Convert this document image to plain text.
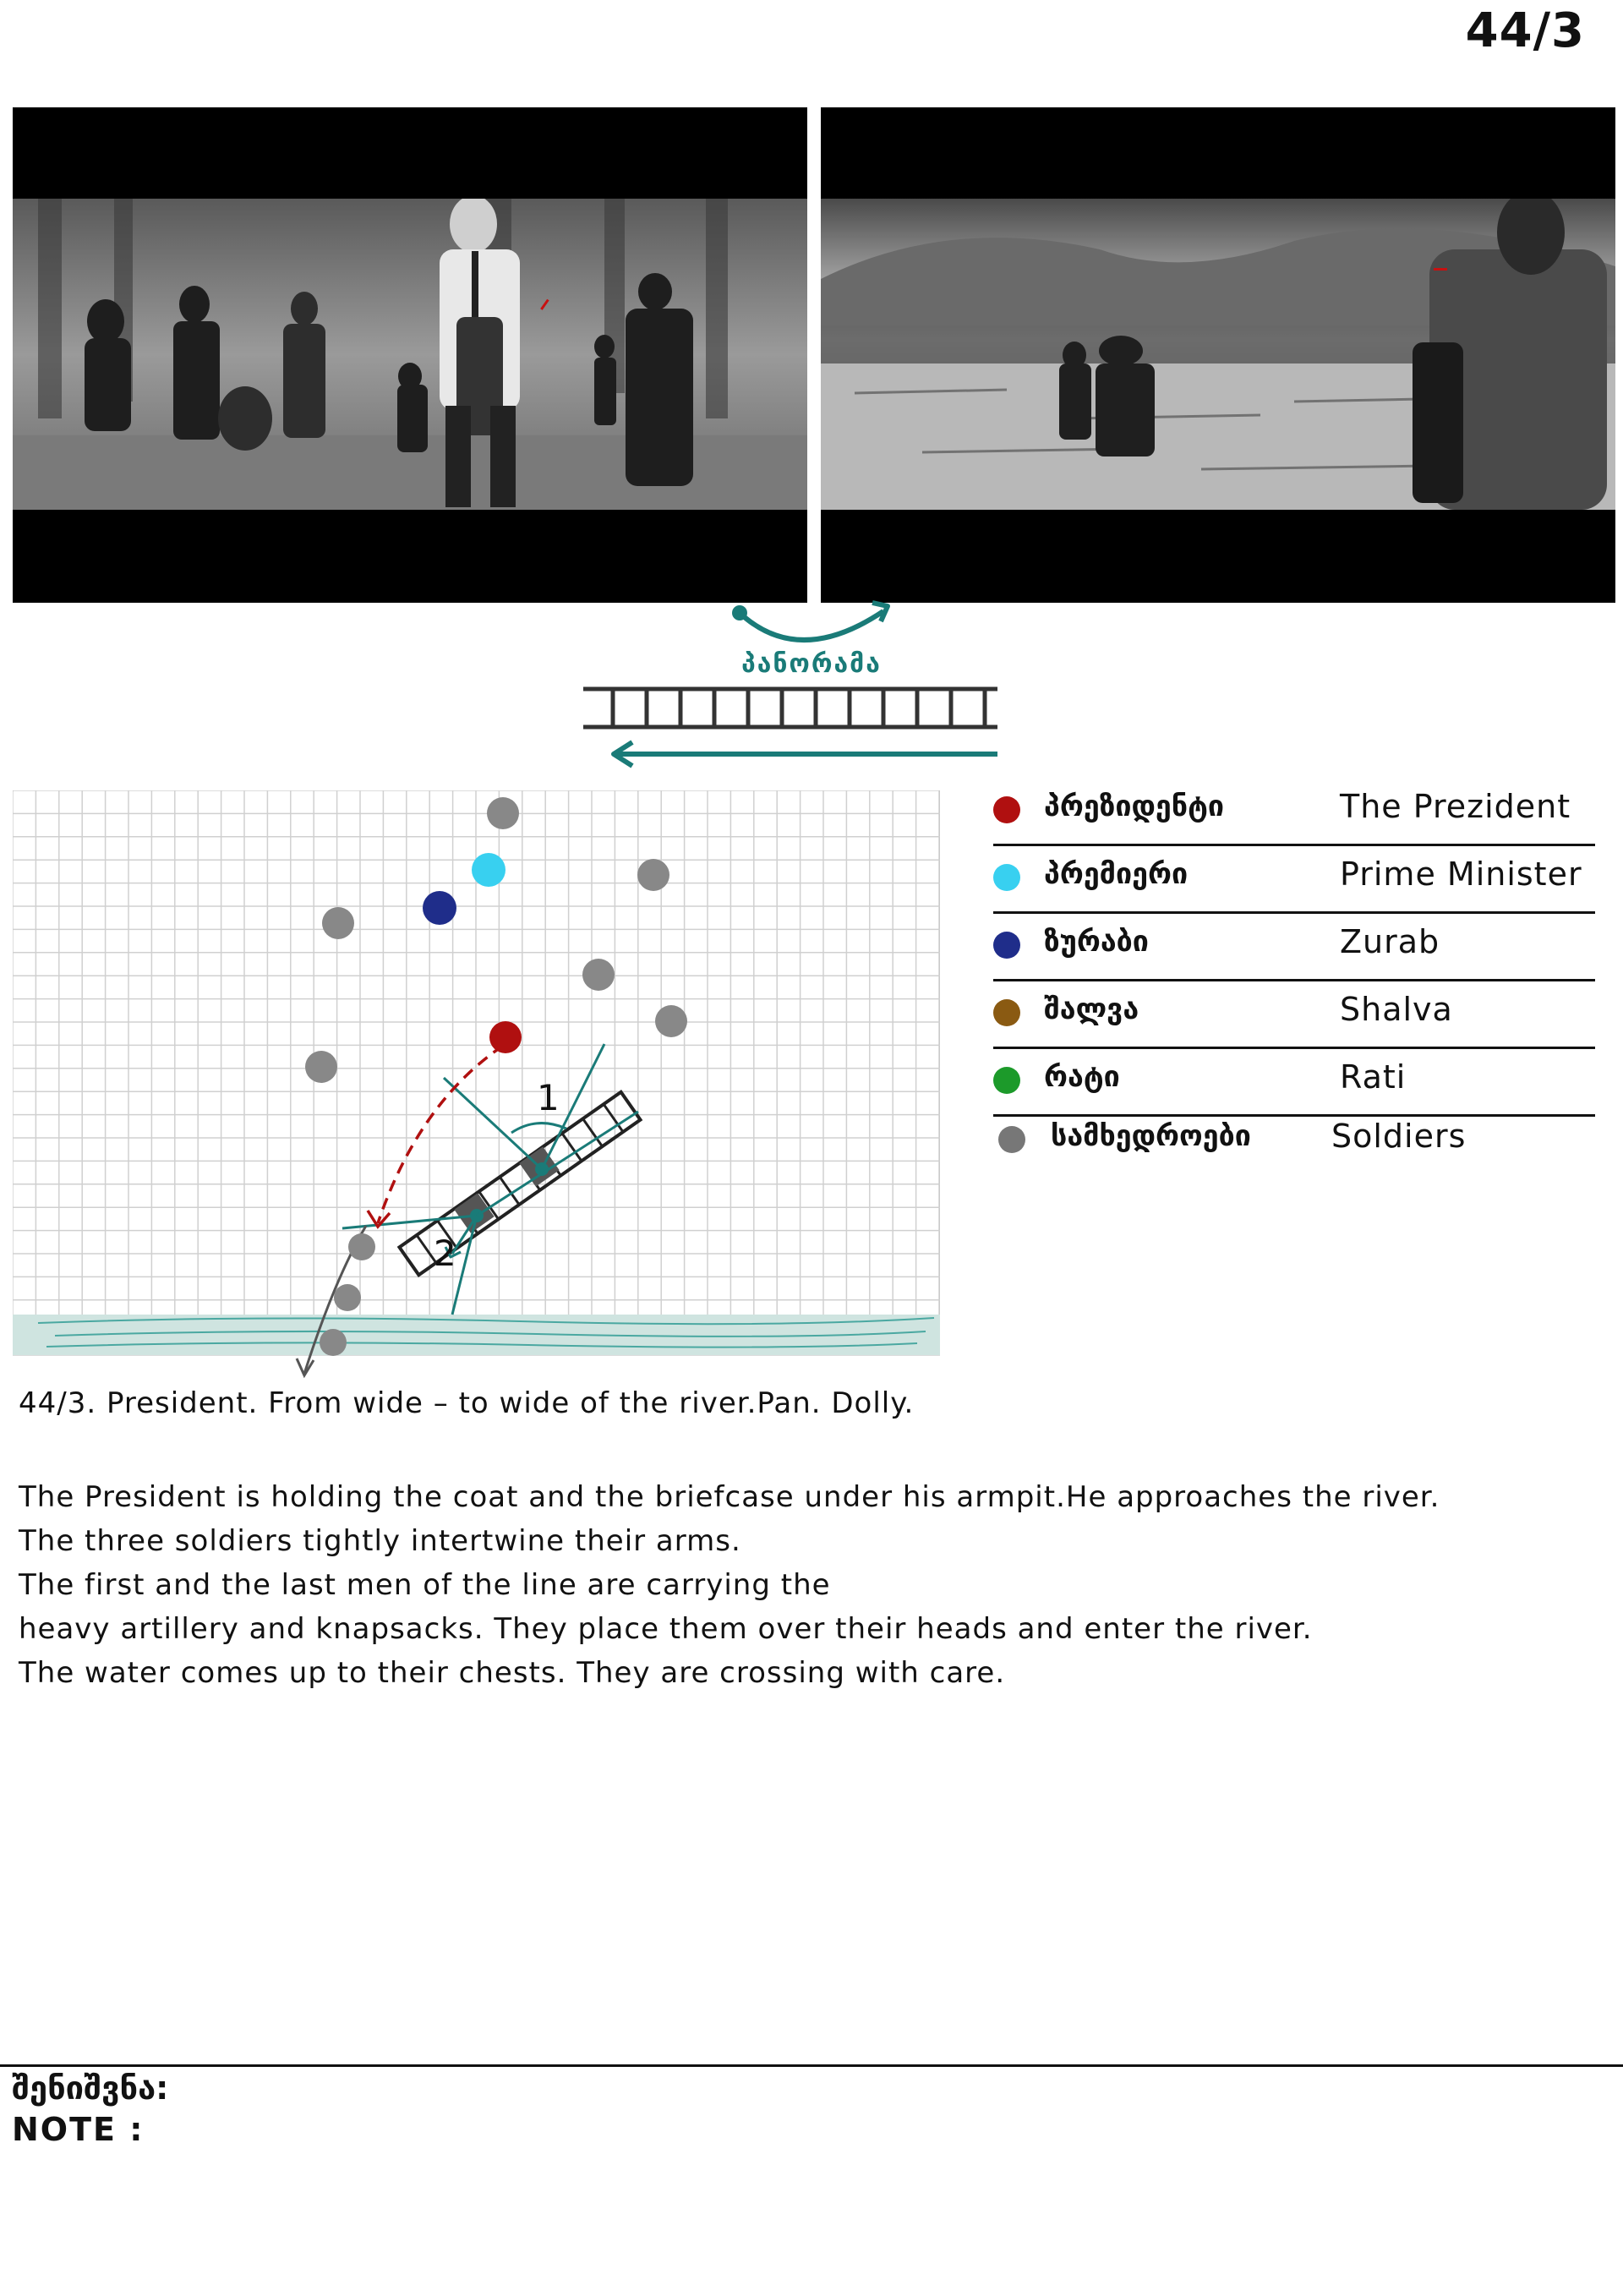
44/3
პანორამა
1
2
პრეზიდენტი	The Prezident
პრემიერი	Prime Minister
ზურაბი	Zurab
შალვა	Shalva
რატი	Rati
სამხედროები	Soldiers
44/3. President. From wide – to wide of the river.Pan. Dolly.
The President is holding the coat and the briefcase under his armpit.He approaches the river.
The three soldiers tightly intertwine their arms.
The first and the last men of the line are carrying the
heavy artillery and knapsacks. They place them over their heads and enter the river.
The water comes up to their chests. They are crossing with care.
შენიშვნა:
NOTE :
